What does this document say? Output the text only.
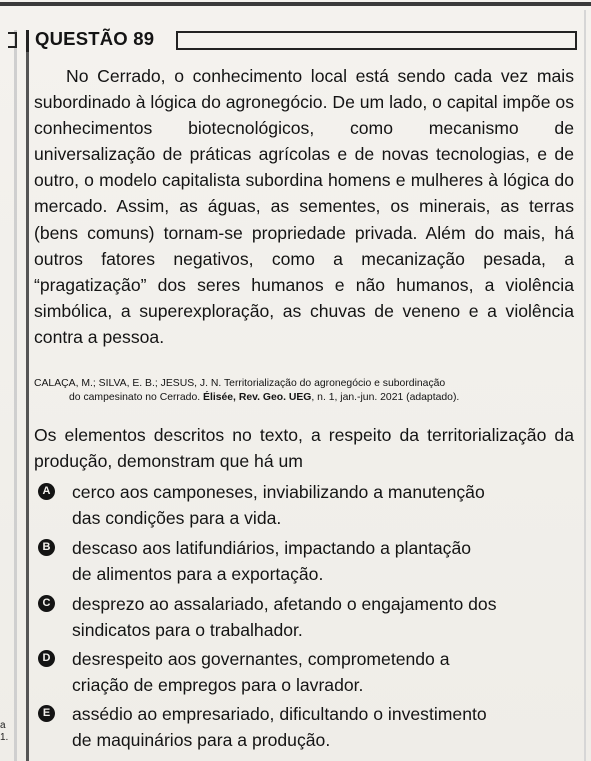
QUESTÃO 89

No Cerrado, o conhecimento local está sendo cada vez mais subordinado à lógica do agronegócio. De um lado, o capital impõe os conhecimentos biotecnológicos, como mecanismo de universalização de práticas agrícolas e de novas tecnologias, e de outro, o modelo capitalista subordina homens e mulheres à lógica do mercado. Assim, as águas, as sementes, os minerais, as terras (bens comuns) tornam-se propriedade privada. Além do mais, há outros fatores negativos, como a mecanização pesada, a “pragatização” dos seres humanos e não humanos, a violência simbólica, a superexploração, as chuvas de veneno e a violência contra a pessoa.

CALAÇA, M.; SILVA, E. B.; JESUS, J. N. Territorialização do agronegócio e subordinação
do campesinato no Cerrado. Élisée, Rev. Geo. UEG, n. 1, jan.-jun. 2021 (adaptado).
Os elementos descritos no texto, a respeito da territorialização da produção, demonstram que há um
A cerco aos camponeses, inviabilizando a manutenção
das condições para a vida.
B descaso aos latifundiários, impactando a plantação
de alimentos para a exportação.
C desprezo ao assalariado, afetando o engajamento dos
sindicatos para o trabalhador.
D desrespeito aos governantes, comprometendo a
criação de empregos para o lavrador.
E assédio ao empresariado, dificultando o investimento
de maquinários para a produção.
a
1.
